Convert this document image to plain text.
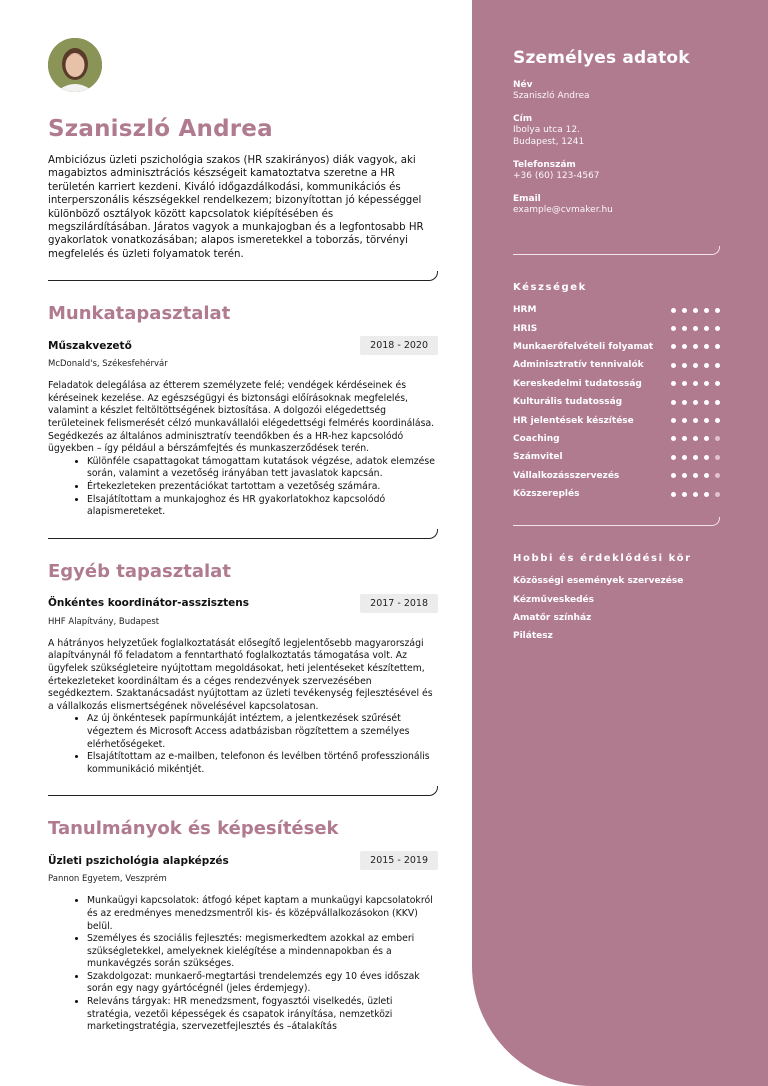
Szaniszló Andrea
Ambiciózus üzleti pszichológia szakos (HR szakirányos) diák vagyok, aki magabiztos adminisztrációs készségeit kamatoztatva szeretne a HR területén karriert kezdeni. Kiváló időgazdálkodási, kommunikációs és interperszonális készségekkel rendelkezem; bizonyítottan jó képességgel különböző osztályok között kapcsolatok kiépítésében és megszilárdításában. Járatos vagyok a munkajogban és a legfontosabb HR gyakorlatok vonatkozásában; alapos ismeretekkel a toborzás, törvényi megfelelés és üzleti folyamatok terén.
Munkatapasztalat
Műszakvezető	2018 - 2020
McDonald's, Székesfehérvár
Feladatok delegálása az étterem személyzete felé; vendégek kérdéseinek és kéréseinek kezelése. Az egészségügyi és biztonsági előírásoknak megfelelés, valamint a készlet feltöltöttségének biztosítása. A dolgozói elégedettség területeinek felismerését célzó munkavállalói elégedettségi felmérés koordinálása. Segédkezés az általános adminisztratív teendőkben és a HR-hez kapcsolódó ügyekben – így például a bérszámfejtés és munkaszerződések terén.
• Különféle csapattagokat támogattam kutatások végzése, adatok elemzése során, valamint a vezetőség irányában tett javaslatok kapcsán.
• Értekezleteken prezentációkat tartottam a vezetőség számára.
• Elsajátítottam a munkajoghoz és HR gyakorlatokhoz kapcsolódó alapismereteket.
Egyéb tapasztalat
Önkéntes koordinátor-asszisztens	2017 - 2018
HHF Alapítvány, Budapest
A hátrányos helyzetűek foglalkoztatását elősegítő legjelentősebb magyarországi alapítványnál fő feladatom a fenntartható foglalkoztatás támogatása volt. Az ügyfelek szükségleteire nyújtottam megoldásokat, heti jelentéseket készítettem, értekezleteket koordináltam és a céges rendezvények szervezésében segédkeztem. Szaktanácsadást nyújtottam az üzleti tevékenység fejlesztésével és a vállalkozás elismertségének növelésével kapcsolatosan.
• Az új önkéntesek papírmunkáját intéztem, a jelentkezések szűrését végeztem és Microsoft Access adatbázisban rögzítettem a személyes elérhetőségeket.
• Elsajátítottam az e-mailben, telefonon és levélben történő professzionális kommunikáció mikéntjét.
Tanulmányok és képesítések
Üzleti pszichológia alapképzés	2015 - 2019
Pannon Egyetem, Veszprém
• Munkaügyi kapcsolatok: átfogó képet kaptam a munkaügyi kapcsolatokról és az eredményes menedzsmentről kis- és középvállalkozásokon (KKV) belül.
• Személyes és szociális fejlesztés: megismerkedtem azokkal az emberi szükségletekkel, amelyeknek kielégítése a mindennapokban és a munkavégzés során szükséges.
• Szakdolgozat: munkaerő-megtartási trendelemzés egy 10 éves időszak során egy nagy gyártócégnél (jeles érdemjegy).
• Releváns tárgyak: HR menedzsment, fogyasztói viselkedés, üzleti stratégia, vezetői képességek és csapatok irányítása, nemzetközi marketingstratégia, szervezetfejlesztés és –átalakítás
Személyes adatok
Név
Szaniszló Andrea
Cím
Ibolya utca 12.
Budapest, 1241
Telefonszám
+36 (60) 123-4567
Email
example@cvmaker.hu
Készségek
HRM
HRIS
Munkaerőfelvételi folyamat
Adminisztratív tennivalók
Kereskedelmi tudatosság
Kulturális tudatosság
HR jelentések készítése
Coaching
Számvitel
Vállalkozásszervezés
Közszereplés
Hobbi és érdeklődési kör
Közösségi események szervezése
Kézműveskedés
Amatőr színház
Pilátesz
